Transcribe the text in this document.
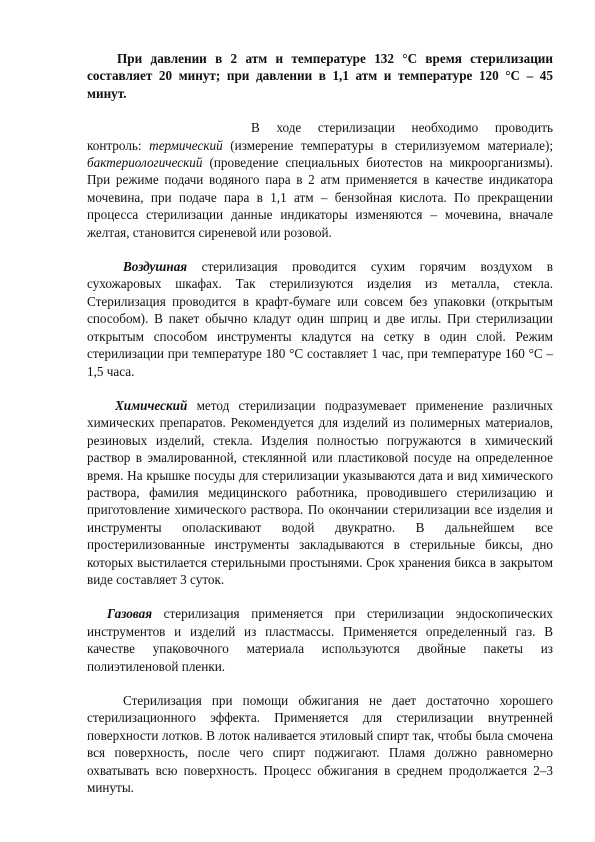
При давлении в 2 атм и температуре 132 °С время стерилизации составляет 20 минут; при давлении в 1,1 атм и температуре 120 °С – 45 минут.

В ходе стерилизации необходимо проводить контроль: термический (измерение температуры в стерилизуемом материале); бактериологический (проведение специальных биотестов на микроорганизмы). При режиме подачи водяного пара в 2 атм применяется в качестве индикатора мочевина, при подаче пара в 1,1 атм – бензойная кислота. По прекращении процесса стерилизации данные индикаторы изменяются – мочевина, вначале желтая, становится сиреневой или розовой.

Воздушная стерилизация проводится сухим горячим воздухом в сухожаровых шкафах. Так стерилизуются изделия из металла, стекла. Стерилизация проводится в крафт-бумаге или совсем без упаковки (открытым способом). В пакет обычно кладут один шприц и две иглы. При стерилизации открытым способом инструменты кладутся на сетку в один слой. Режим стерилизации при температуре 180 °С составляет 1 час, при температуре 160 °С – 1,5 часа.

Химический метод стерилизации подразумевает применение различных химических препаратов. Рекомендуется для изделий из полимерных материалов, резиновых изделий, стекла. Изделия полностью погружаются в химический раствор в эмалированной, стеклянной или пластиковой посуде на определенное время. На крышке посуды для стерилизации указываются дата и вид химического раствора, фамилия медицинского работника, проводившего стерилизацию и приготовление химического раствора. По окончании стерилизации все изделия и инструменты ополаскивают водой двукратно. В дальнейшем все простерилизованные инструменты закладываются в стерильные биксы, дно которых выстилается стерильными простынями. Срок хранения бикса в закрытом виде составляет 3 суток.

Газовая стерилизация применяется при стерилизации эндоскопических инструментов и изделий из пластмассы. Применяется определенный газ. В качестве упаковочного материала используются двойные пакеты из полиэтиленовой пленки.

Стерилизация при помощи обжигания не дает достаточно хорошего стерилизационного эффекта. Применяется для стерилизации внутренней поверхности лотков. В лоток наливается этиловый спирт так, чтобы была смочена вся поверхность, после чего спирт поджигают. Пламя должно равномерно охватывать всю поверхность. Процесс обжигания в среднем продолжается 2–3 минуты.
